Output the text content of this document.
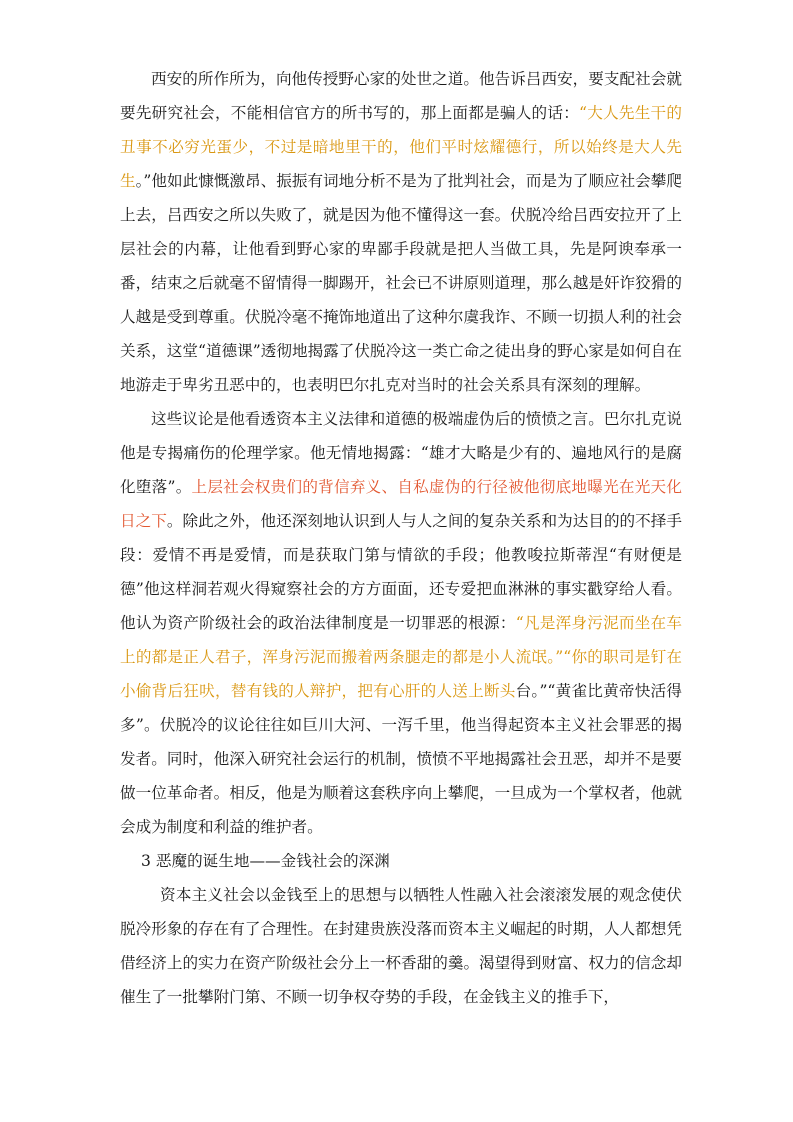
西安的所作所为，向他传授野心家的处世之道。他告诉吕西安，要支配社会就要先研究社会，不能相信官方的所书写的，那上面都是骗人的话：“大人先生干的丑事不必穷光蛋少，不过是暗地里干的，他们平时炫耀德行，所以始终是大人先生。”他如此慷慨激昂、振振有词地分析不是为了批判社会，而是为了顺应社会攀爬上去，吕西安之所以失败了，就是因为他不懂得这一套。伏脱冷给吕西安拉开了上层社会的内幕，让他看到野心家的卑鄙手段就是把人当做工具，先是阿谀奉承一番，结束之后就毫不留情得一脚踢开，社会已不讲原则道理，那么越是奸诈狡猾的人越是受到尊重。伏脱冷毫不掩饰地道出了这种尔虞我诈、不顾一切损人利的社会关系，这堂“道德课”透彻地揭露了伏脱冷这一类亡命之徒出身的野心家是如何自在地游走于卑劣丑恶中的，也表明巴尔扎克对当时的社会关系具有深刻的理解。

这些议论是他看透资本主义法律和道德的极端虚伪后的愤愤之言。巴尔扎克说他是专揭痛伤的伦理学家。他无情地揭露：“雄才大略是少有的、遍地风行的是腐化堕落”。上层社会权贵们的背信弃义、自私虚伪的行径被他彻底地曝光在光天化日之下。除此之外，他还深刻地认识到人与人之间的复杂关系和为达目的的不择手段：爱情不再是爱情，而是获取门第与情欲的手段；他教唆拉斯蒂涅“有财便是德”他这样洞若观火得窥察社会的方方面面，还专爱把血淋淋的事实戳穿给人看。他认为资产阶级社会的政治法律制度是一切罪恶的根源：“凡是浑身污泥而坐在车上的都是正人君子，浑身污泥而搬着两条腿走的都是小人流氓。”“你的职司是钉在 小偷背后狂吠，替有钱的人辩护，把有心肝的人送上断头台。”“黄雀比黄帝快活得多”。伏脱冷的议论往往如巨川大河、一泻千里，他当得起资本主义社会罪恶的揭发者。同时，他深入研究社会运行的机制，愤愤不平地揭露社会丑恶，却并不是要做一位革命者。相反，他是为顺着这套秩序向上攀爬，一旦成为一个掌权者，他就会成为制度和利益的维护者。

3 恶魔的诞生地——金钱社会的深渊

资本主义社会以金钱至上的思想与以牺牲人性融入社会滚滚发展的观念使伏脱冷形象的存在有了合理性。在封建贵族没落而资本主义崛起的时期，人人都想凭借经济上的实力在资产阶级社会分上一杯香甜的羹。渴望得到财富、权力的信念却催生了一批攀附门第、不顾一切争权夺势的手段，在金钱主义的推手下，
